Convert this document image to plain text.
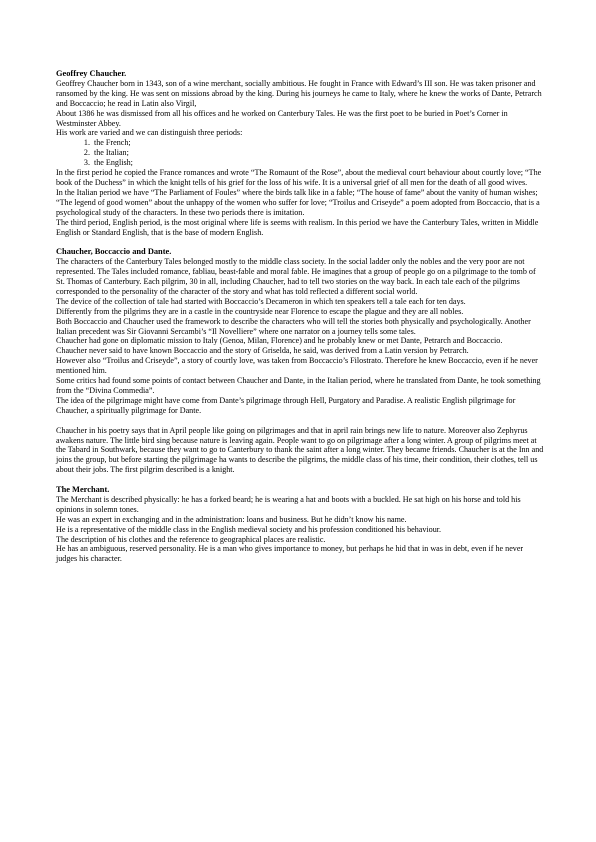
Geoffrey Chaucher.

Geoffrey Chaucher born in 1343, son of a wine merchant, socially ambitious. He fought in France with Edward’s III son. He was taken prisoner and ransomed by the king. He was sent on missions abroad by the king. During his journeys he came to Italy, where he knew the works of Dante, Petrarch and Boccaccio; he read in Latin also Virgil,

About 1386 he was dismissed from all his offices and he worked on Canterbury Tales. He was the first poet to be buried in Poet’s Corner in Westminster Abbey.

His work are varied and we can distinguish three periods:

1. the French;
2. the Italian;
3. the English;

In the first period he copied the France romances and wrote “The Romaunt of the Rose”, about the medieval court behaviour about courtly love; “The book of the Duchess” in which the knight tells of his grief for the loss of his wife. It is a universal grief of all men for the death of all good wives.

In the Italian period we have “The Parliament of Foules” where the birds talk like in a fable; “The house of fame” about the vanity of human wishes; “The legend of good women” about the unhappy of the women who suffer for love; “Troilus and Criseyde” a poem adopted from Boccaccio, that is a psychological study of the characters. In these two periods there is imitation.

The third period, English period, is the most original where life is seems with realism. In this period we have the Canterbury Tales, written in Middle English or Standard English, that is the base of modern English.

Chaucher, Boccaccio and Dante.

The characters of the Canterbury Tales belonged mostly to the middle class society. In the social ladder only the nobles and the very poor are not represented. The Tales included romance, fabliau, beast-fable and moral fable. He imagines that a group of people go on a pilgrimage to the tomb of St. Thomas of Canterbury. Each pilgrim, 30 in all, including Chaucher, had to tell two stories on the way back. In each tale each of the pilgrims corresponded to the personality of the character of the story and what has told reflected a different social world.

The device of the collection of tale had started with Boccaccio’s Decameron in which ten speakers tell a tale each for ten days.

Differently from the pilgrims they are in a castle in the countryside near Florence to escape the plague and they are all nobles.

Both Boccaccio and Chaucher used the framework to describe the characters who will tell the stories both physically and psychologically. Another Italian precedent was Sir Giovanni Sercambi’s “Il Novelliere” where one narrator on a journey tells some tales.

Chaucher had gone on diplomatic mission to Italy (Genoa, Milan, Florence) and he probably knew or met Dante, Petrarch and Boccaccio.

Chaucher never said to have known Boccaccio and the story of Griselda, he said, was derived from a Latin version by Petrarch.

However also “Troilus and Criseyde”, a story of courtly love, was taken from Boccaccio’s Filostrato. Therefore he knew Boccaccio, even if he never mentioned him.

Some critics had found some points of contact between Chaucher and Dante, in the Italian period, where he translated from Dante, he took something from the “Divina Commedia”.

The idea of the pilgrimage might have come from Dante’s pilgrimage through Hell, Purgatory and Paradise. A realistic English pilgrimage for Chaucher, a spiritually pilgrimage for Dante.

Chaucher in his poetry says that in April people like going on pilgrimages and that in april rain brings new life to nature. Moreover also Zephyrus awakens nature. The little bird sing because nature is leaving again. People want to go on pilgrimage after a long winter. A group of pilgrims meet at the Tabard in Southwark, because they want to go to Canterbury to thank the saint after a long winter. They became friends. Chaucher is at the Inn and joins the group, but before starting the pilgrimage ha wants to describe the pilgrims, the middle class of his time, their condition, their clothes, tell us about their jobs. The first pilgrim described is a knight.

The Merchant.

The Merchant is described physically: he has a forked beard; he is wearing a hat and boots with a buckled. He sat high on his horse and told his opinions in solemn tones.

He was an expert in exchanging and in the administration: loans and business. But he didn’t know his name.

He is a representative of the middle class in the English medieval society and his profession conditioned his behaviour.

The description of his clothes and the reference to geographical places are realistic.

He has an ambiguous, reserved personality. He is a man who gives importance to money, but perhaps he hid that in was in debt, even if he never judges his character.
